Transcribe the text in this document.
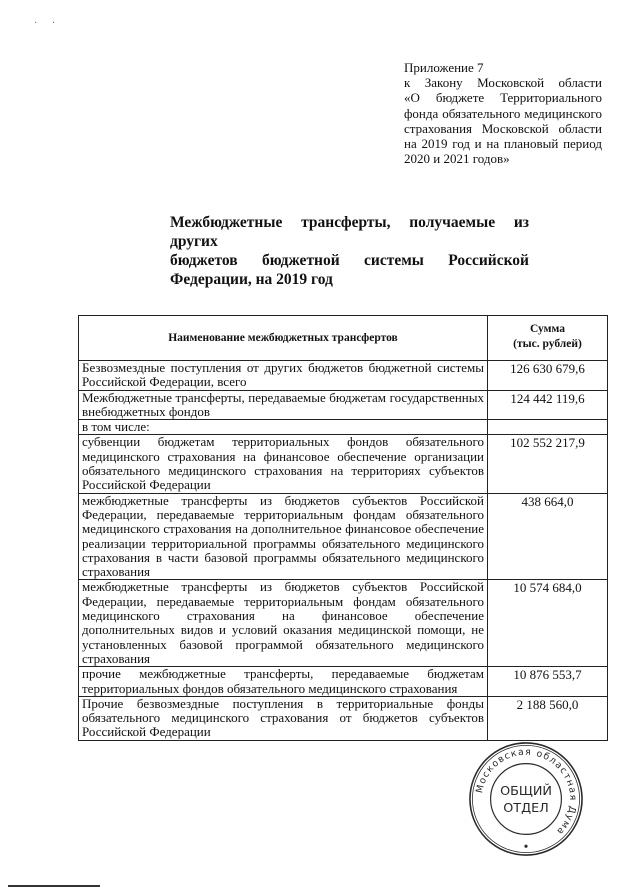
· ·
Приложение 7
к Закону Московской области
«О бюджете Территориального
фонда обязательного медицинского
страхования Московской области
на 2019 год и на плановый период
2020 и 2021 годов»
Межбюджетные трансферты, получаемые из других
бюджетов бюджетной системы Российской
Федерации, на 2019 год
Наименование межбюджетных трансфертов	Сумма
(тыс. рублей)

Безвозмездные поступления от других бюджетов бюджетной системы Российской Федерации, всего	126 630 679,6
Межбюджетные трансферты, передаваемые бюджетам государственных внебюджетных фондов	124 442 119,6
в том числе:	
субвенции бюджетам территориальных фондов обязательного медицинского страхования на финансовое обеспечение организации обязательного медицинского страхования на территориях субъектов Российской Федерации	102 552 217,9
межбюджетные трансферты из бюджетов субъектов Российской Федерации, передаваемые территориальным фондам обязательного медицинского страхования на дополнительное финансовое обеспечение реализации территориальной программы обязательного медицинского страхования в части базовой программы обязательного медицинского страхования	438 664,0
межбюджетные трансферты из бюджетов субъектов Российской Федерации, передаваемые территориальным фондам обязательного медицинского страхования на финансовое обеспечение дополнительных видов и условий оказания медицинской помощи, не установленных базовой программой обязательного медицинского страхования	10 574 684,0
прочие межбюджетные трансферты, передаваемые бюджетам территориальных фондов обязательного медицинского страхования	10 876 553,7
Прочие безвозмездные поступления в территориальные фонды обязательного медицинского страхования от бюджетов субъектов Российской Федерации	2 188 560,0
Московская областная Дума
ОБЩИЙ
ОТДЕЛ
